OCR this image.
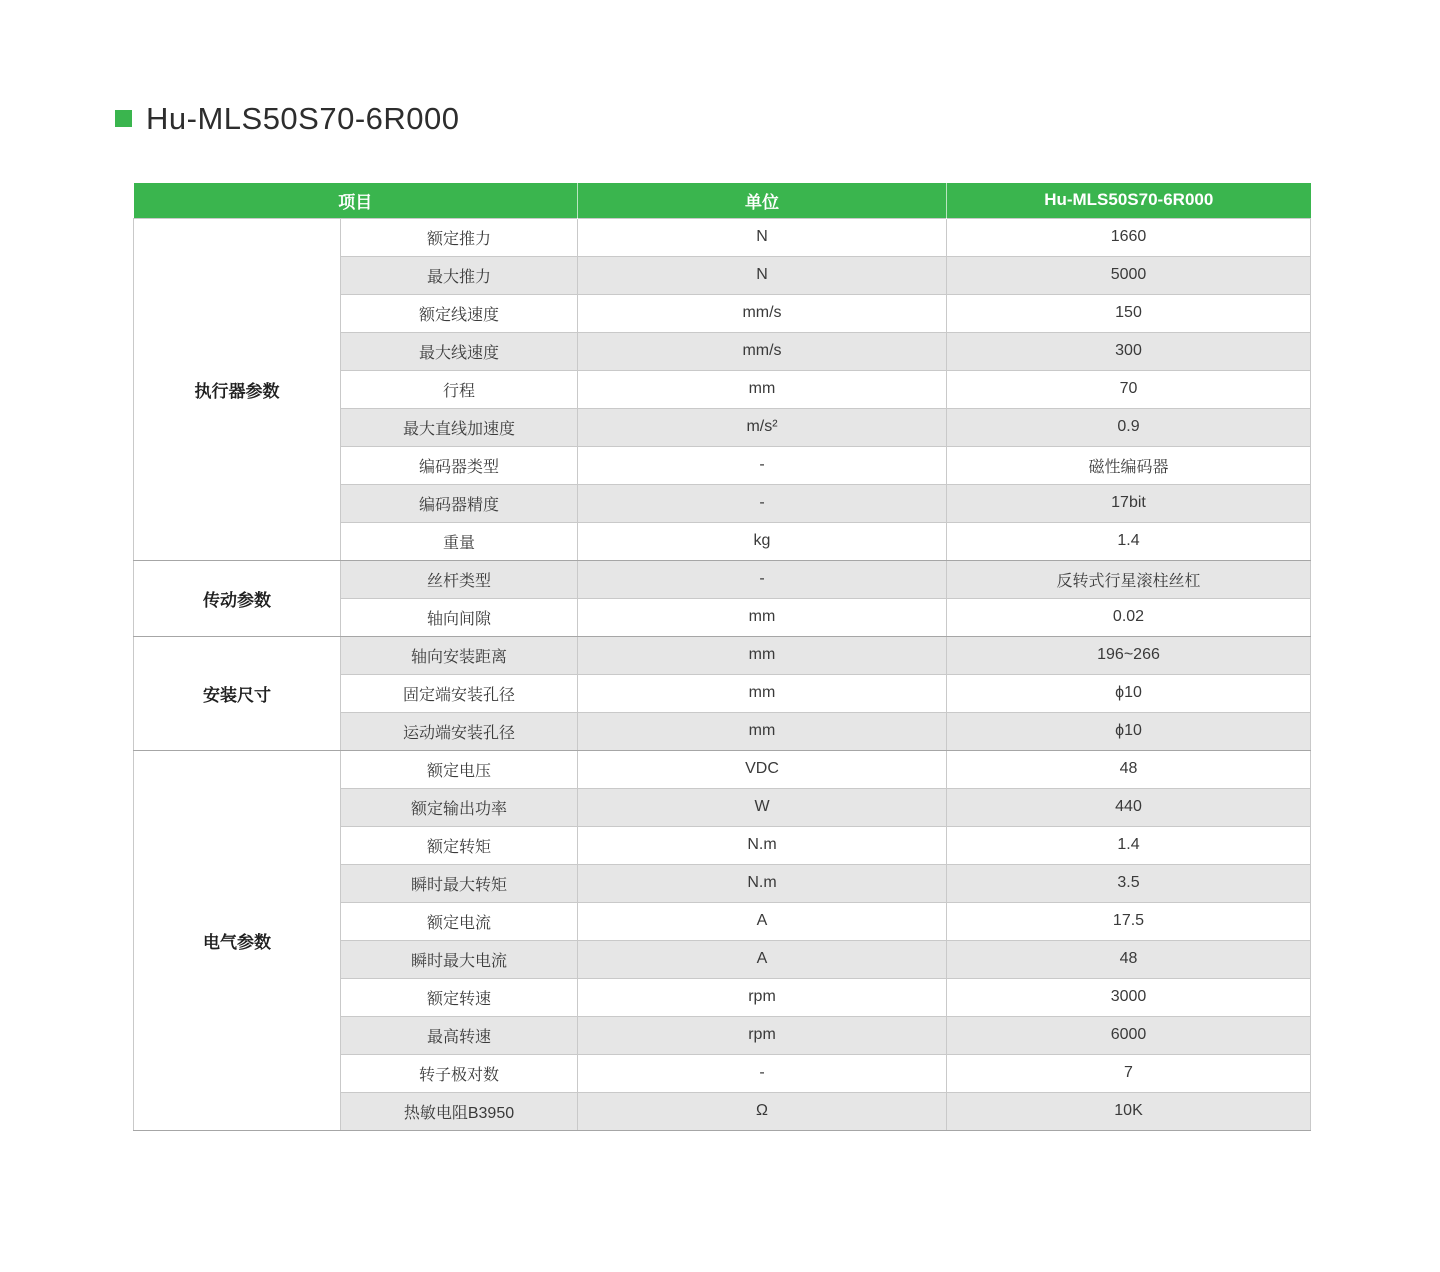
Hu-MLS50S70-6R000
项目		单位	Hu-MLS50S70-6R000
执行器参数	额定推力	N	1660
	最大推力	N	5000
	额定线速度	mm/s	150
	最大线速度	mm/s	300
	行程	mm	70
	最大直线加速度	m/s²	0.9
	编码器类型	-	磁性编码器
	编码器精度	-	17bit
	重量	kg	1.4
传动参数	丝杆类型	-	反转式行星滚柱丝杠
	轴向间隙	mm	0.02
安装尺寸	轴向安装距离	mm	196~266
	固定端安装孔径	mm	ϕ10
	运动端安装孔径	mm	ϕ10
电气参数	额定电压	VDC	48
	额定输出功率	W	440
	额定转矩	N.m	1.4
	瞬时最大转矩	N.m	3.5
	额定电流	A	17.5
	瞬时最大电流	A	48
	额定转速	rpm	3000
	最高转速	rpm	6000
	转子极对数	-	7
	热敏电阻B3950	Ω	10K
